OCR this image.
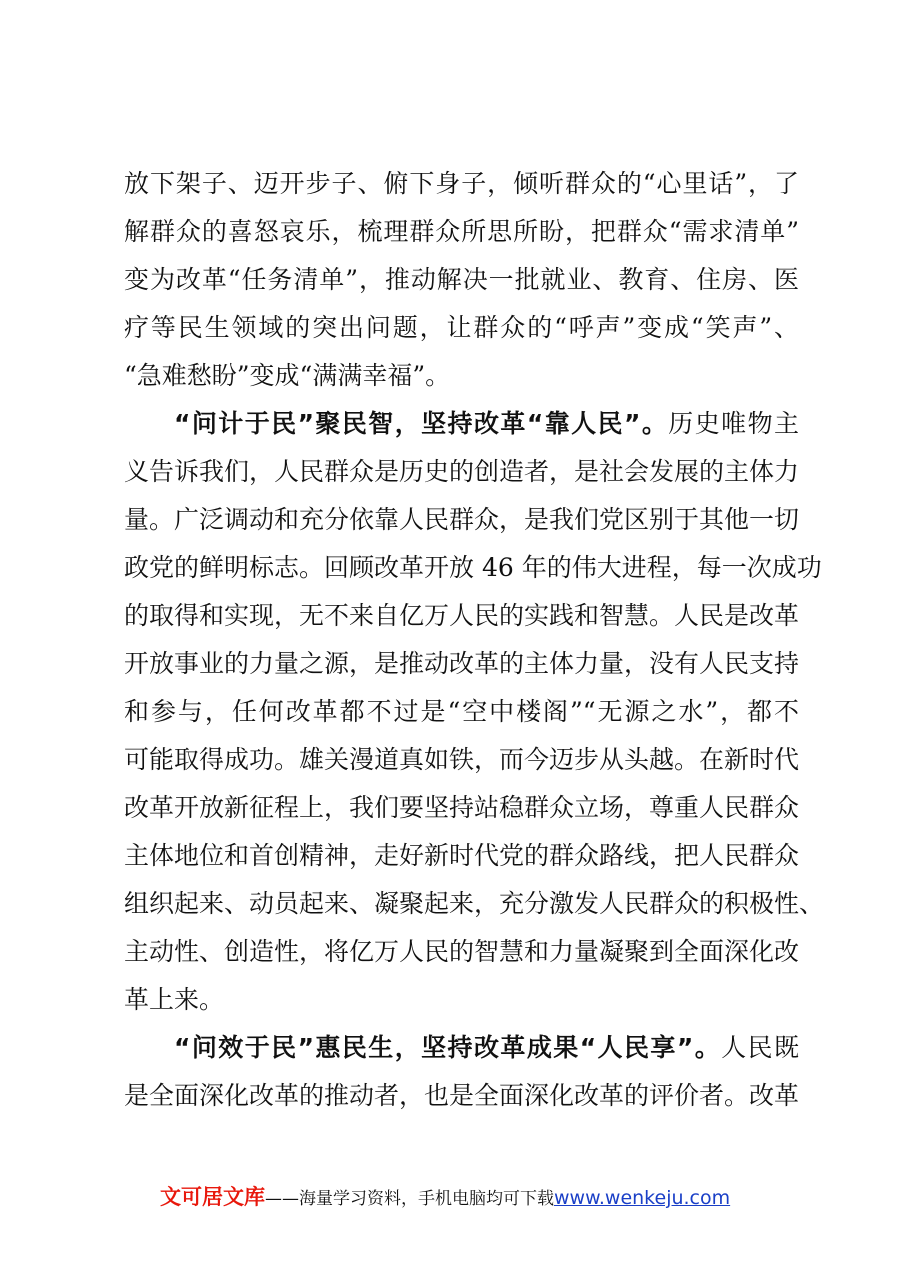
放下架子、迈开步子、俯下身子，倾听群众的“心里话”，了
解群众的喜怒哀乐，梳理群众所思所盼，把群众“需求清单”
变为改革“任务清单”，推动解决一批就业、教育、住房、医
疗等民生领域的突出问题，让群众的“呼声”变成“笑声”、
“急难愁盼”变成“满满幸福”。
“问计于民”聚民智，坚持改革“靠人民”。历史唯物主
义告诉我们，人民群众是历史的创造者，是社会发展的主体力
量。广泛调动和充分依靠人民群众，是我们党区别于其他一切
政党的鲜明标志。回顾改革开放 46 年的伟大进程，每一次成功
的取得和实现，无不来自亿万人民的实践和智慧。人民是改革
开放事业的力量之源，是推动改革的主体力量，没有人民支持
和参与，任何改革都不过是“空中楼阁”“无源之水”，都不
可能取得成功。雄关漫道真如铁，而今迈步从头越。在新时代
改革开放新征程上，我们要坚持站稳群众立场，尊重人民群众
主体地位和首创精神，走好新时代党的群众路线，把人民群众
组织起来、动员起来、凝聚起来，充分激发人民群众的积极性、
主动性、创造性，将亿万人民的智慧和力量凝聚到全面深化改
革上来。
“问效于民”惠民生，坚持改革成果“人民享”。人民既
是全面深化改革的推动者，也是全面深化改革的评价者。改革
文可居文库——海量学习资料，手机电脑均可下载www.wenkeju.com
